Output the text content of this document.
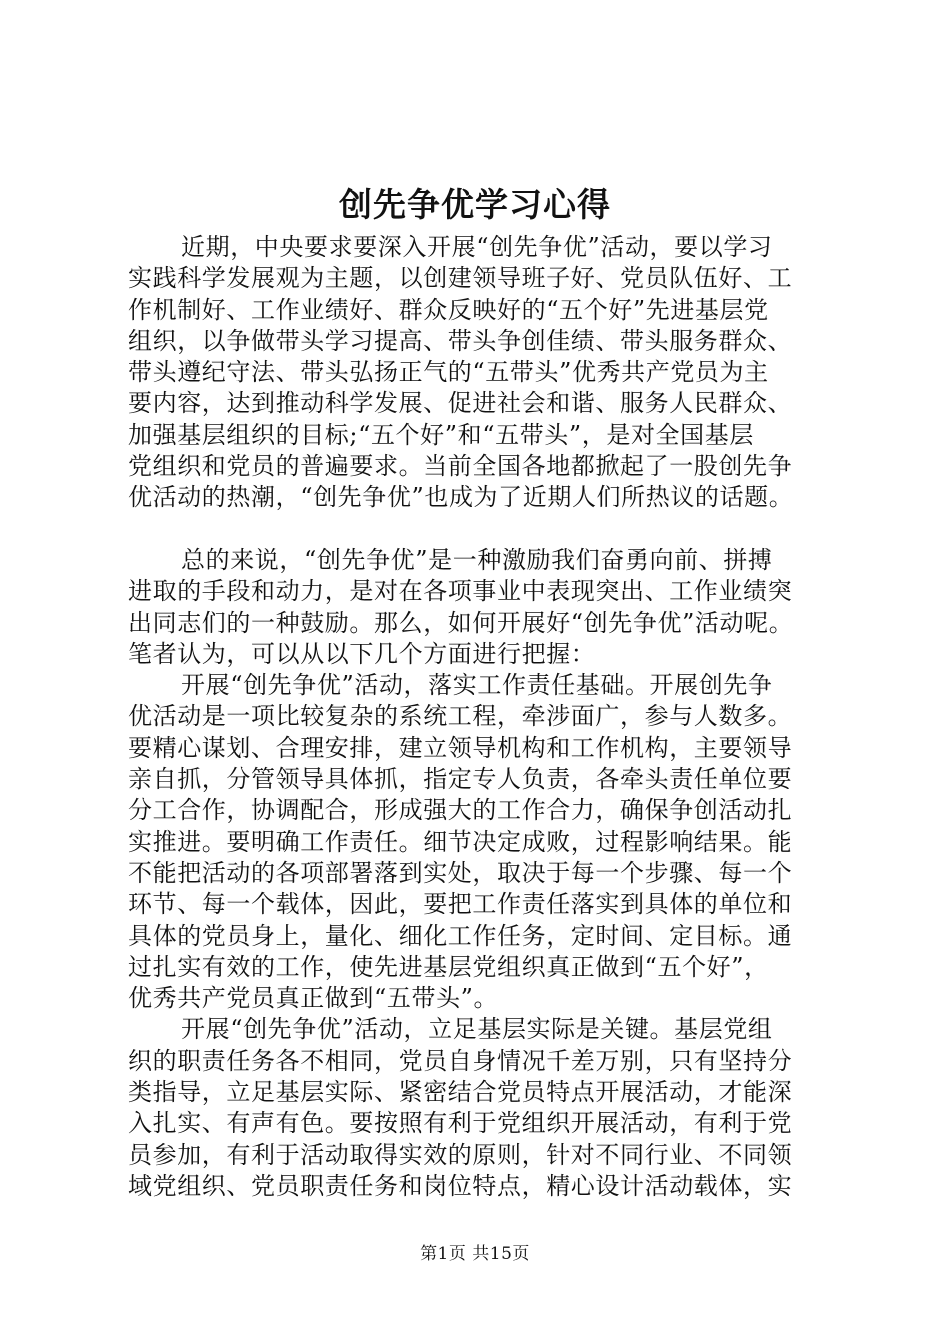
创先争优学习心得
近期，中央要求要深入开展“创先争优”活动，要以学习
实践科学发展观为主题，以创建领导班子好、党员队伍好、工
作机制好、工作业绩好、群众反映好的“五个好”先进基层党
组织，以争做带头学习提高、带头争创佳绩、带头服务群众、
带头遵纪守法、带头弘扬正气的“五带头”优秀共产党员为主
要内容，达到推动科学发展、促进社会和谐、服务人民群众、
加强基层组织的目标;“五个好”和“五带头”，是对全国基层
党组织和党员的普遍要求。当前全国各地都掀起了一股创先争
优活动的热潮，“创先争优”也成为了近期人们所热议的话题。
总的来说，“创先争优”是一种激励我们奋勇向前、拼搏
进取的手段和动力，是对在各项事业中表现突出、工作业绩突
出同志们的一种鼓励。那么，如何开展好“创先争优”活动呢。
笔者认为，可以从以下几个方面进行把握：
开展“创先争优”活动，落实工作责任基础。开展创先争
优活动是一项比较复杂的系统工程，牵涉面广，参与人数多。
要精心谋划、合理安排，建立领导机构和工作机构，主要领导
亲自抓，分管领导具体抓，指定专人负责，各牵头责任单位要
分工合作，协调配合，形成强大的工作合力，确保争创活动扎
实推进。要明确工作责任。细节决定成败，过程影响结果。能
不能把活动的各项部署落到实处，取决于每一个步骤、每一个
环节、每一个载体，因此，要把工作责任落实到具体的单位和
具体的党员身上，量化、细化工作任务，定时间、定目标。通
过扎实有效的工作，使先进基层党组织真正做到“五个好”，
优秀共产党员真正做到“五带头”。
开展“创先争优”活动，立足基层实际是关键。基层党组
织的职责任务各不相同，党员自身情况千差万别，只有坚持分
类指导，立足基层实际、紧密结合党员特点开展活动，才能深
入扎实、有声有色。要按照有利于党组织开展活动，有利于党
员参加，有利于活动取得实效的原则，针对不同行业、不同领
域党组织、党员职责任务和岗位特点，精心设计活动载体，实
第1页 共15页
